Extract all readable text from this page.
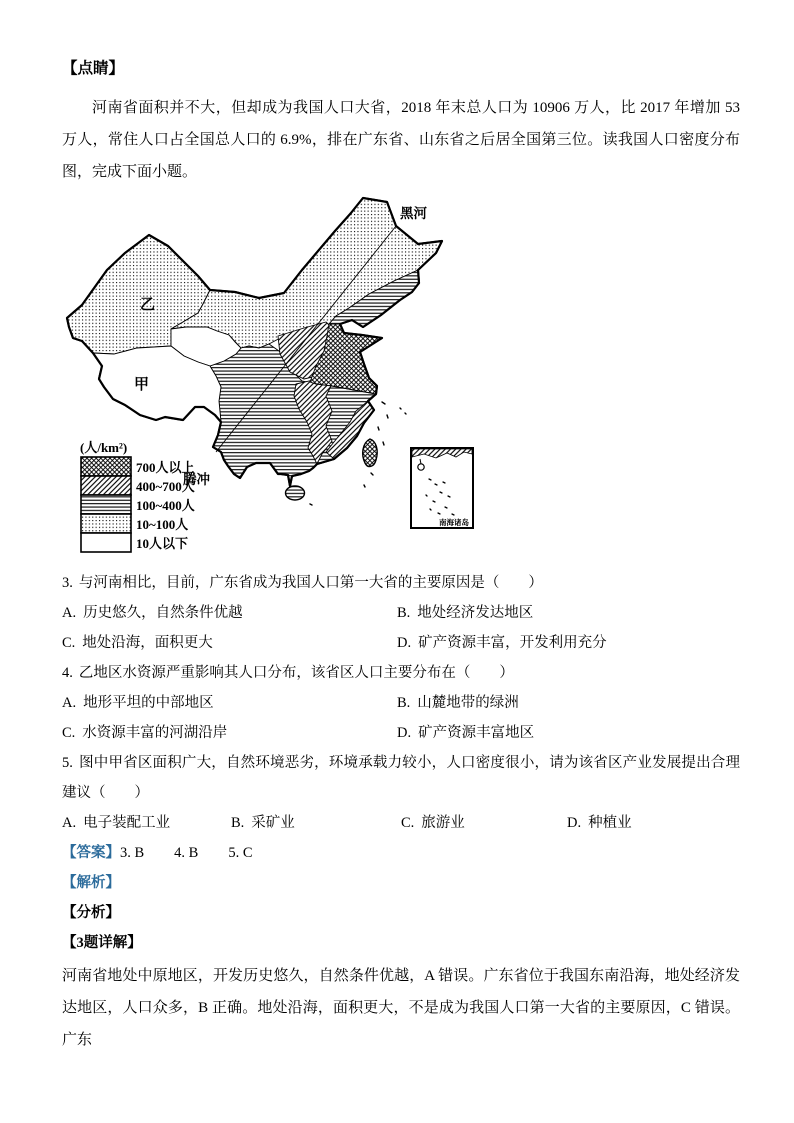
【点睛】

河南省面积并不大，但却成为我国人口大省，2018 年末总人口为 10906 万人，比 2017 年增加 53 万人，常住人口占全国总人口的 6.9%，排在广东省、山东省之后居全国第三位。读我国人口密度分布图，完成下面小题。

黑河
乙
甲
腾冲
(人/km²)
700人以上
400~700人
100~400人
10~100人
10人以下
南海诸岛
3. 与河南相比，目前，广东省成为我国人口第一大省的主要原因是（　　）
A. 历史悠久，自然条件优越	B. 地处经济发达地区
C. 地处沿海，面积更大	D. 矿产资源丰富，开发利用充分
4. 乙地区水资源严重影响其人口分布，该省区人口主要分布在（　　）
A. 地形平坦的中部地区	B. 山麓地带的绿洲
C. 水资源丰富的河湖沿岸	D. 矿产资源丰富地区
5. 图中甲省区面积广大，自然环境恶劣，环境承载力较小，人口密度很小，请为该省区产业发展提出合理建议（　　）
A. 电子装配工业	B. 采矿业	C. 旅游业	D. 种植业
【答案】3. B 4. B 5. C
【解析】
【分析】
【3题详解】

河南省地处中原地区，开发历史悠久，自然条件优越，A 错误。广东省位于我国东南沿海，地处经济发达地区，人口众多，B 正确。地处沿海，面积更大，不是成为我国人口第一大省的主要原因，C 错误。广东
